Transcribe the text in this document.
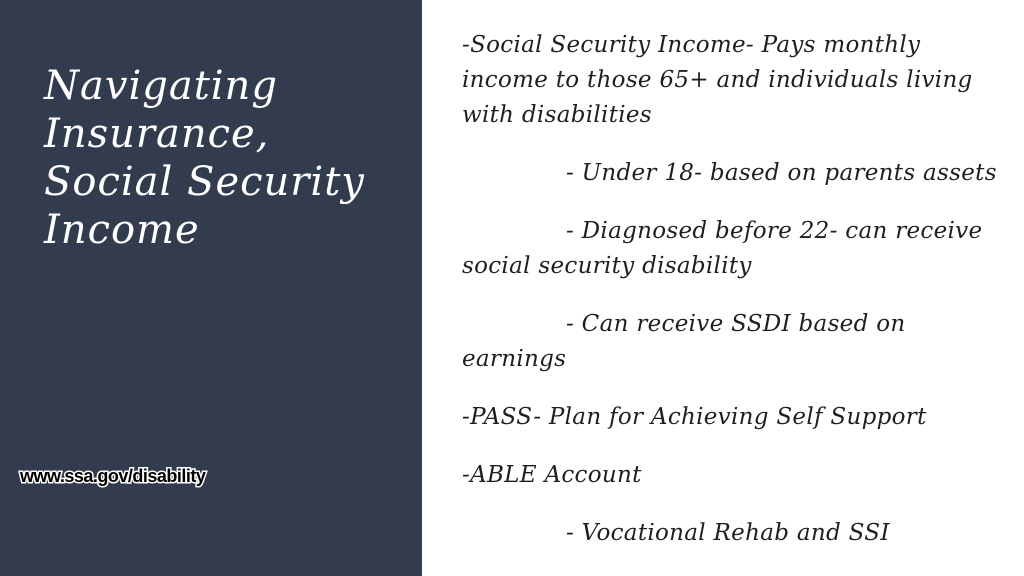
Navigating
Insurance,
Social Security
Income
www.ssa.gov/disability

-Social Security Income- Pays monthly income to those 65+ and individuals living with disabilities

- Under 18- based on parents assets

- Diagnosed before 22- can receive social security disability

- Can receive SSDI based on earnings

-PASS- Plan for Achieving Self Support

-ABLE Account

- Vocational Rehab and SSI
